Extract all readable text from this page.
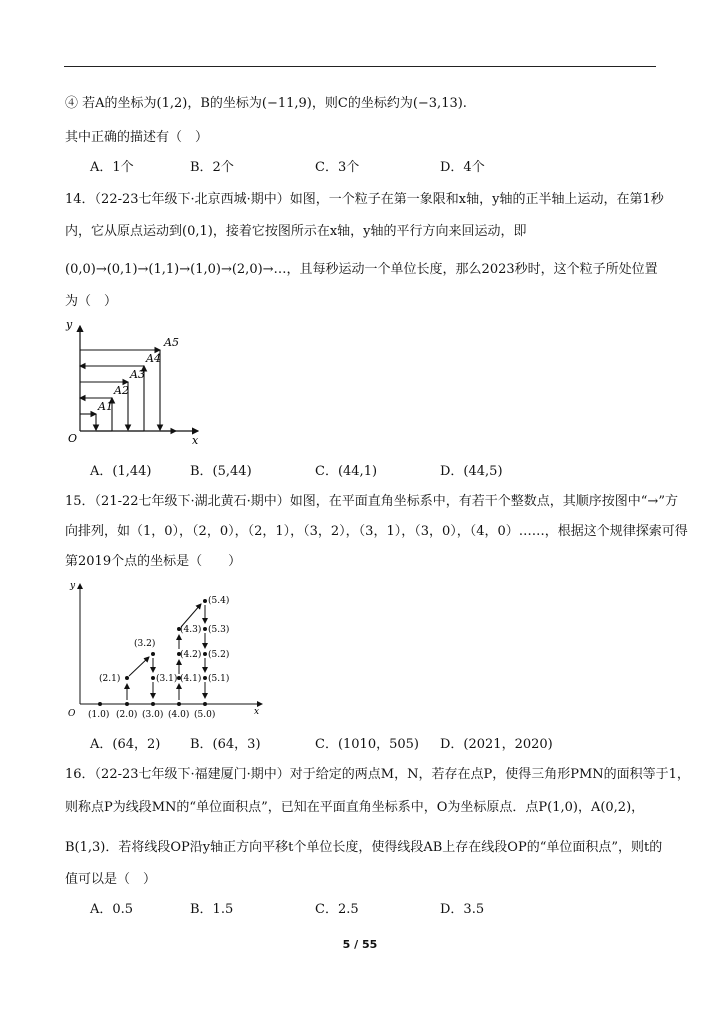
④ 若A的坐标为(1,2)，B的坐标为(−11,9)，则C的坐标约为(−3,13).
其中正确的描述有（　）
A．1个	B．2个	C．3个	D．4个
14．（22-23七年级下·北京西城·期中）如图，一个粒子在第一象限和x轴，y轴的正半轴上运动，在第1秒
内，它从原点运动到(0,1)，接着它按图所示在x轴，y轴的平行方向来回运动，即
(0,0)→(0,1)→(1,1)→(1,0)→(2,0)→…，且每秒运动一个单位长度，那么2023秒时，这个粒子所处位置
为（　）
y
x
O
A1
A2
A3
A4
A5
A．(1,44)	B．(5,44)	C．(44,1)	D．(44,5)
15．（21-22七年级下·湖北黄石·期中）如图，在平面直角坐标系中，有若干个整数点，其顺序按图中“→”方
向排列，如（1，0），（2，0），（2，1），（3，2），（3，1），（3，0），（4，0）……，根据这个规律探索可得
第2019个点的坐标是（　　）
y
x
O (1.0) (2.0) (3.0) (4.0) (5.0)
(2.1)
(3.2)
(3.1)
(4.3)
(4.2)
(4.1)
(5.4)
(5.3)
(5.2)
(5.1)
A．(64，2) B．(64，3)	C．(1010，505) D．(2021，2020)
16．（22-23七年级下·福建厦门·期中）对于给定的两点M，N，若存在点P，使得三角形PMN的面积等于1，
则称点P为线段MN的“单位面积点”，已知在平面直角坐标系中，O为坐标原点．点P(1,0)，A(0,2)，
B(1,3)．若将线段OP沿y轴正方向平移t个单位长度，使得线段AB上存在线段OP的“单位面积点”，则t的
值可以是（　）
A．0.5	B．1.5	C．2.5	D．3.5
5 / 55
